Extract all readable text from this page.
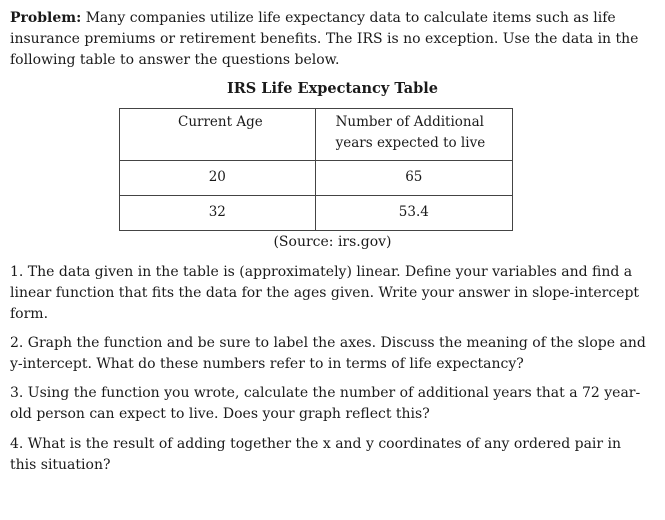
Problem: Many companies utilize life expectancy data to calculate items such as life insurance premiums or retirement benefits. The IRS is no exception. Use the data in the following table to answer the questions below.
IRS Life Expectancy Table
Current Age	Number of Additional years expected to live

20	65

32	53.4
(Source: irs.gov)
1. The data given in the table is (approximately) linear. Define your variables and find a linear function that fits the data for the ages given. Write your answer in slope-intercept form.
2. Graph the function and be sure to label the axes. Discuss the meaning of the slope and y-intercept. What do these numbers refer to in terms of life expectancy?
3. Using the function you wrote, calculate the number of additional years that a 72 year-old person can expect to live. Does your graph reflect this?
4. What is the result of adding together the x and y coordinates of any ordered pair in this situation?
